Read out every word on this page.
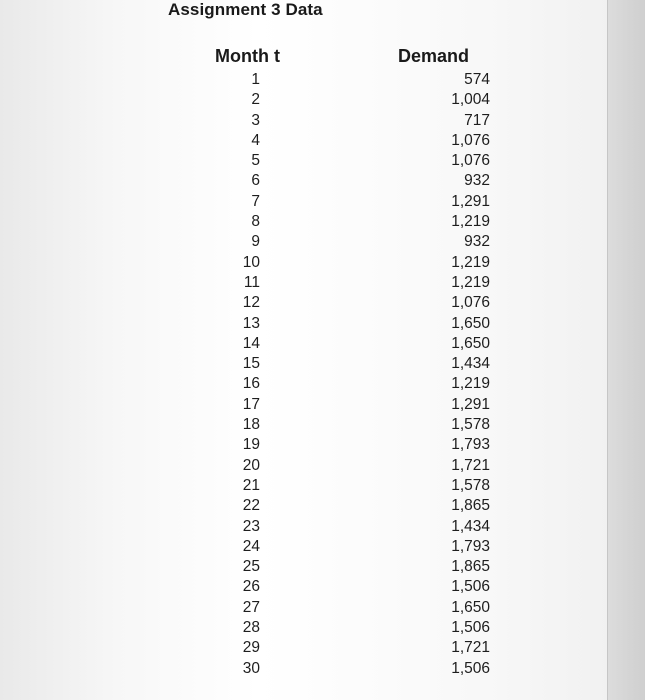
Assignment 3 Data
Month t	Demand
1	574
2	1,004
3	717
4	1,076
5	1,076
6	932
7	1,291
8	1,219
9	932
10	1,219
11	1,219
12	1,076
13	1,650
14	1,650
15	1,434
16	1,219
17	1,291
18	1,578
19	1,793
20	1,721
21	1,578
22	1,865
23	1,434
24	1,793
25	1,865
26	1,506
27	1,650
28	1,506
29	1,721
30	1,506
